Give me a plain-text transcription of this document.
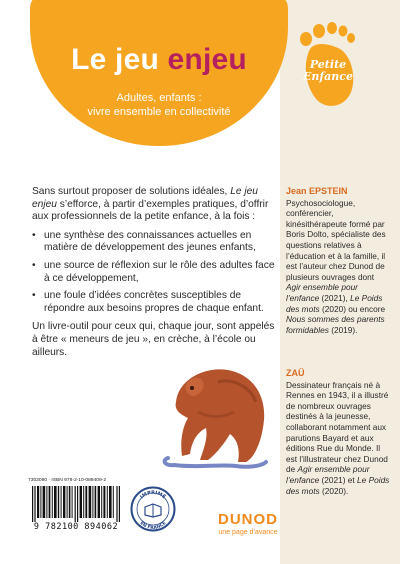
Le jeu enjeu
Adultes, enfants :
vivre ensemble en collectivité
Petite
Enfance

Sans surtout proposer de solutions idéales, Le jeu enjeu s’efforce, à partir d’exemples pratiques, d’offrir aux professionnels de la petite enfance, à la fois :

• une synthèse des connaissances actuelles en matière de développement des jeunes enfants,
• une source de réflexion sur le rôle des adultes face à ce développement,
• une foule d’idées concrètes susceptibles de répondre aux besoins propres de chaque enfant.

Un livre-outil pour ceux qui, chaque jour, sont appelés à être « meneurs de jeu », en crèche, à l’école ou ailleurs.

Jean EPSTEIN
Psychosociologue, conférencier, kinésithérapeute formé par Boris Dolto, spécialiste des questions relatives à l’éducation et à la famille, il est l’auteur chez Dunod de plusieurs ouvrages dont Agir ensemble pour l’enfance (2021), Le Poids des mots (2020) ou encore Nous sommes des parents formidables (2019).
ZAÜ
Dessinateur français né à Rennes en 1943, il a illustré de nombreux ouvrages destinés à la jeunesse, collaborant notamment aux parutions Bayard et aux éditions Rue du Monde. Il est l’illustrateur chez Dunod de Agir ensemble pour l’enfance (2021) et Le Poids des mots (2020).
7303090 · ISBN 978-2-10-089409-2
9 782100 894062
IMPRIMÉ
EN FRANCE	DUNOD
une page d’avance
